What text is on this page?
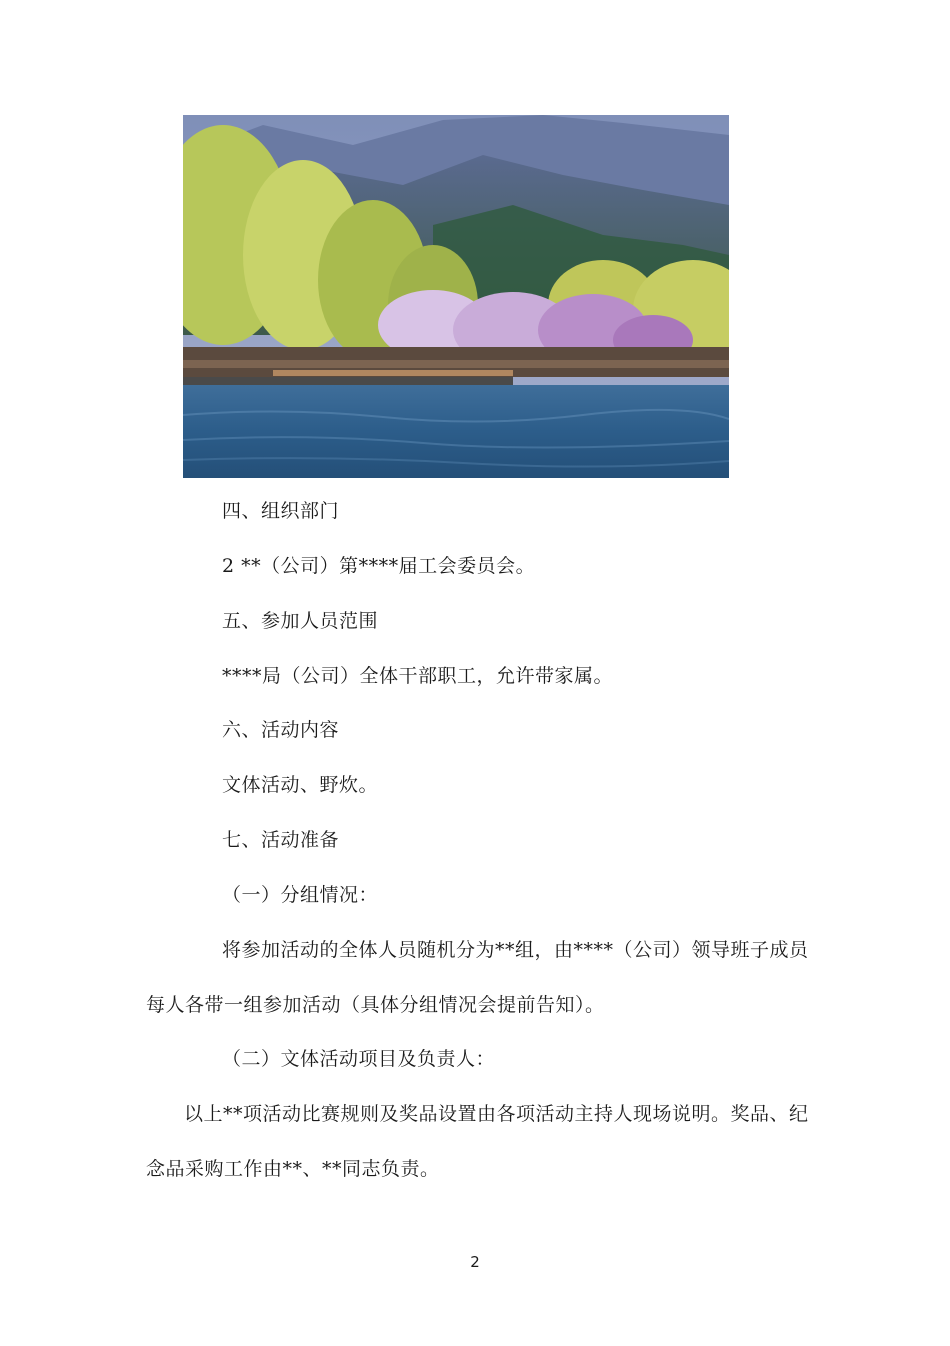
四、组织部门
2 **（公司）第****届工会委员会。
五、参加人员范围
****局（公司）全体干部职工，允许带家属。
六、活动内容
文体活动、野炊。
七、活动准备
（一）分组情况：
将参加活动的全体人员随机分为**组，由****（公司）领导班子成员
每人各带一组参加活动（具体分组情况会提前告知）。
（二）文体活动项目及负责人：
以上**项活动比赛规则及奖品设置由各项活动主持人现场说明。奖品、纪
念品采购工作由**、**同志负责。
2
